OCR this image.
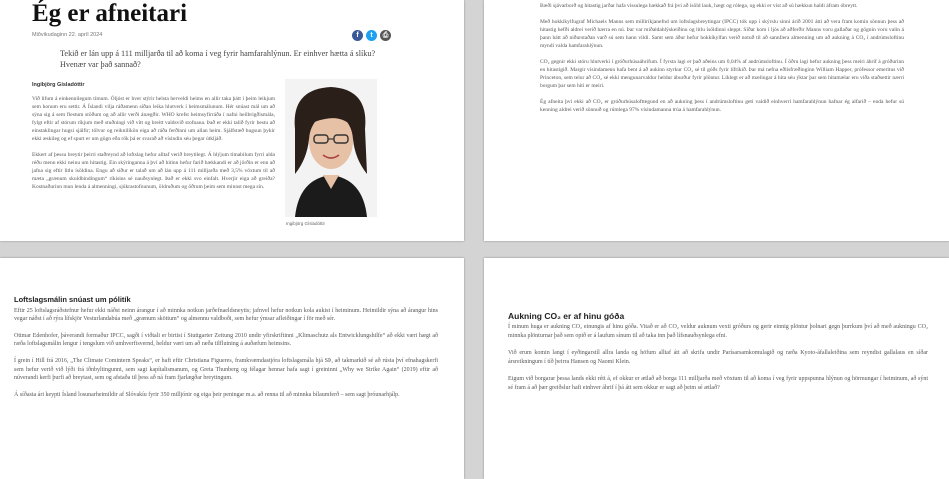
Ég er afneitari
Miðvikudaginn 22. apríl 2024	f	t	⎙
Tekið er lán upp á 111 milljarða til að koma í veg fyrir hamfarahlýnun. Er einhver hætta á slíku? Hvenær var það sannað?
Ingibjörg Gísladóttir

Við lifum á einkennilegum tímum. Óljóst er hver stýrir helsta herveldi heims en allir taka þátt í þeim leikjum sem honum eru settir. Á Íslandi vilja ráðamenn síðan leika hlutverk í heimsmálunum. Hér snúast mál um að sýna sig á sem flestum stöðum og að allir verði ánægðir. WHO krefst heimsyfirráða í nafni heilbrigðismála, fylgt eftir af stórum ríkjum með stuðningi við vítt og breitt valdsvið stofnana. Það er ekki talið fyrir bestu að einstaklingar hugsi sjálfir; tölvur og reiknilíkön eiga að ráða ferðinni um allan heim. Sjálfstæð hugsun þykir ekki æskileg og ef spurt er um gögn eða rök þá er svarað að vísindin séu þegar útkljáð.

Ekkert af þessu breytir þeirri staðreynd að loftslag hefur alltaf verið breytilegt. Á hlýjum tímabilum fyrri alda réðu menn ekki neinu um hitastig. Ein skýringanna á því að hitinn hefur farið hækkandi er að jörðin er enn að jafna sig eftir litlu ísöldina. Engu að síður er talað um að lán upp á 111 milljarða með 3,5% vöxtum til að mæta „grænum skuldbindingum“ ríkisins sé nauðsynlegt. Það er ekki svo einfalt. Hverjir eiga að greiða? Kostnaðurinn mun lenda á almenningi, sjúkrastofnunum, öldruðum og öðrum þeim sem minnst mega sín.

Ingibjörg Gísladóttir

Bæði sjávarborð og hitastig jarðar hafa vissulega hækkað frá því að ísöld lauk, hægt og rólega, og ekki er víst að sú hækkun haldi áfram óbreytt.

Með hokkíkylfugraf Michaels Manns sem milliríkjanefnd um loftslagsbreytingar (IPCC) tók upp í skýrslu sinni árið 2001 átti að vera fram komin sönnun þess að hitastig hefði aldrei verið hærra en nú. Þar var miðaldahlýskeiðinu og litlu ísöldinni sleppt. Síðar kom í ljós að aðferðir Manns voru gallaðar og gögnin voru valin á þann hátt að niðurstaðan varð sú sem hann vildi. Samt sem áður hefur hokkíkylfan verið notuð til að sannfæra almenning um að aukning á CO₂ í andrúmsloftinu myndi valda hamfarahlýnun.

CO₂ gegnir ekki stóru hlutverki í gróðurhúsaáhrifum. Í fyrsta lagi er það aðeins um 0,04% af andrúmsloftinu. Í öðru lagi hefur aukning þess meiri áhrif á gróðurinn en hitastigið. Margir vísindamenn hafa bent á að aukinn styrkur CO₂ sé til góðs fyrir lífríkið. Þar má nefna eðlisfræðinginn William Happer, prófessor emeritus við Princeton, sem telur að CO₂ sé ekki mengunarvaldur heldur áburður fyrir plöntur. Líklegt er að mælingar á hita séu ýktar þar sem hitamælar eru víða staðsettir nærri borgum þar sem hiti er meiri.

Ég afneita því ekki að CO₂ er gróðurhúsalofttegund en að aukning þess í andrúmsloftinu geti valdið einhverri hamfarahlýnun hafnar ég alfarið – enda hefur sú kenning aldrei verið sönnuð og rúmlega 97% vísindamanna trúa á hamfarahlýnun.

Loftslagsmálin snúast um pólitík

Eftir 25 loftslagsráðstefnur hefur ekki náðst neinn árangur í að minnka notkun jarðefnaeldsneytis; jafnvel hefur notkun kola aukist í heiminum. Heimildir sýna að árangur hins vegar náðst í að rýra lífskjör Vesturlandabúa með „grænum sköttum“ og almennu valdboði, sem hefur ýmsar afleiðingar í för með sér.

Ottmar Edenhofer, þáverandi formaður IPCC, sagði í viðtali er birtist í Stuttgarter Zeitung 2010 undir yfirskriftinni „Klimaschutz als Entwicklungshilfe“ að ekki væri hægt að ræða loftslagsmálin lengur í tengslum við umhverfisvernd, heldur væri um að ræða tilflutning á auðæfum heimsins.

Í grein í Hill frá 2016, „The Climate Comintern Speaks“, er haft eftir Christiana Figueres, framkvæmdastjóra loftslagsmála hjá SÞ, að takmarkið sé að rústa því efnahagskerfi sem hefur verið við lýði frá iðnbyltingunni, sem sagt kapítalismanum, og Greta Thunberg og félagar hennar hafa sagt í greininni „Why we Strike Again“ (2019) eftir að núverandi kerfi þurfi að breytast, sem og afstaða til þess að ná fram fjarlægðar breytingum.

Á síðasta ári keypti Ísland losunarheimildir af Slóvakíu fyrir 350 milljónir og eiga þeir peningar m.a. að renna til að minnka bílaumferð – sem sagt þróunarhjálp.

Aukning CO₂ er af hinu góða

Í minum huga er aukning CO₂ einungis af hinu góða. Vitað er að CO₂ veldur auknum vexti gróðurs og gerir einnig plöntur þolnari gegn þurrkum því að með aukningu CO₂ minnka plönturnar það sem opið er á laufum sínum til að taka inn það lífsnauðsynlega efni.

Við erum komin langt í eyðingarstíl allra landa og höfum alltaf átt að skrifa undir Parísarsamkomulagið og ræða Kyoto-áfallaleiðina sem reyndist gallalaus en síðar ársreikningum í tíð þeirra Hansen og Naomi Klein.

Eigum við borgarar þessa lands ekki rétt á, ef okkur er ætlað að borga 111 milljarða með vöxtum til að koma í veg fyrir uppspunna hlýnun og hörmungar í heiminum, að sýnt sé fram á að þær greiðslur hafi einhver áhrif í þá átt sem okkur er sagt að þeim sé ætlað?
